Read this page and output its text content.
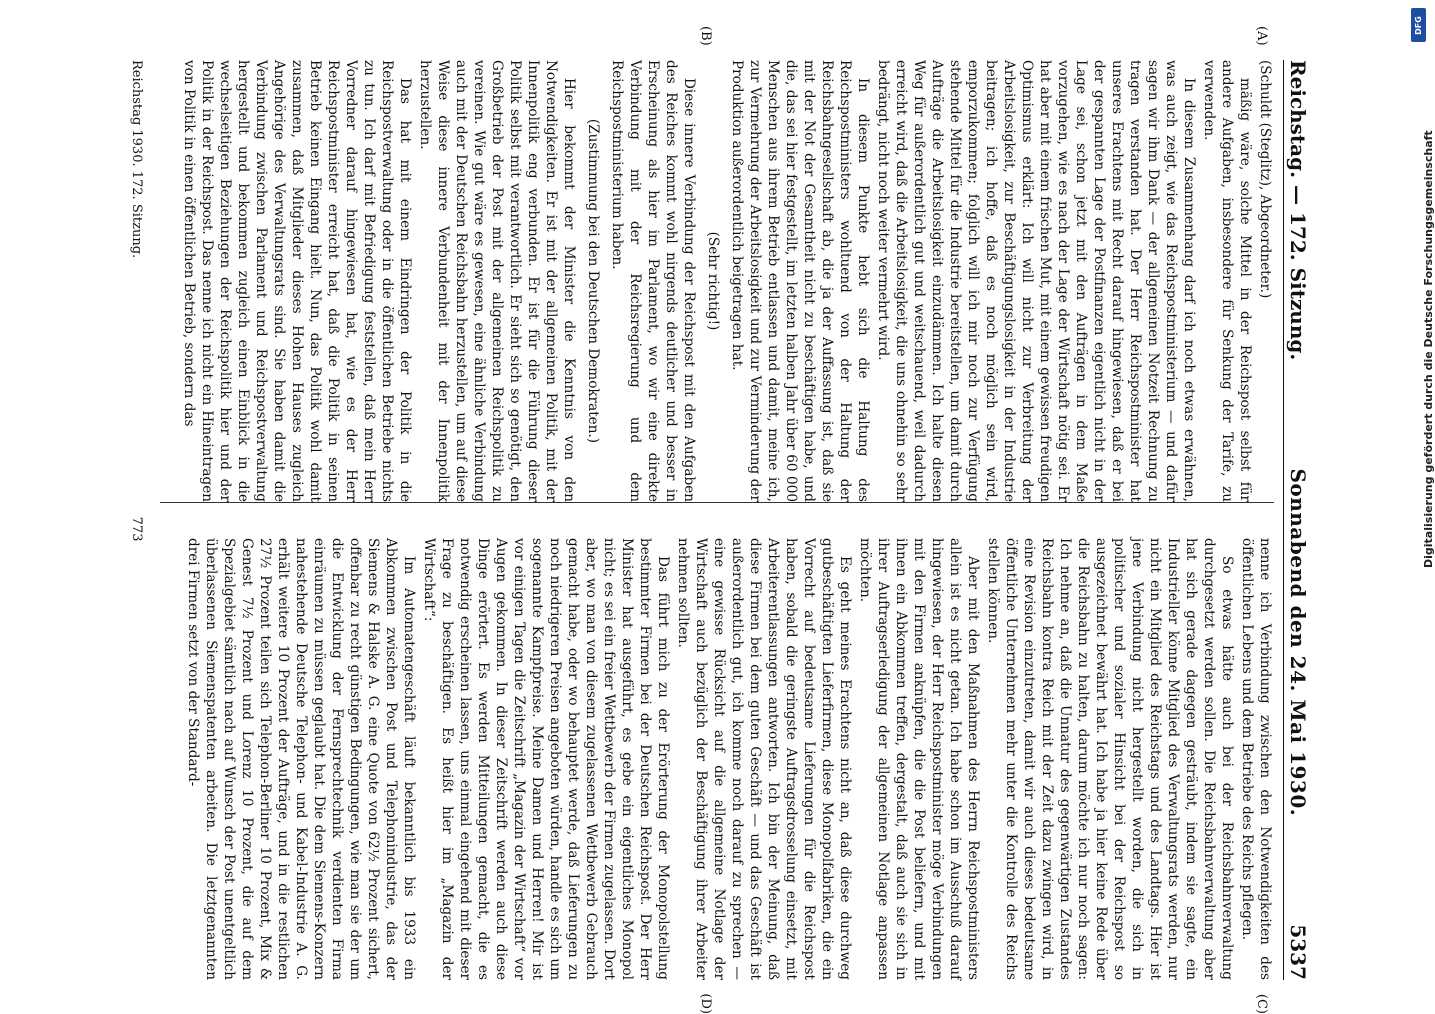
Reichstag. — 172. Sitzung.
Sonnabend den 24. Mai 1930.
5337
(A)
(B)

(Schuldt (Steglitz), Abgeordneter.)

mäßig wäre, solche Mittel in der Reichspost selbst für andere Aufgaben, insbesondere für Senkung der Tarife, zu verwenden.

In diesem Zusammenhang darf ich noch etwas erwähnen, was auch zeigt, wie das Reichspostministerium — und dafür sagen wir ihm Dank — der allgemeinen Notzeit Rechnung zu tragen verstanden hat. Der Herr Reichspostminister hat unseres Erachtens mit Recht darauf hingewiesen, daß er bei der gespannten Lage der Postfinanzen eigentlich nicht in der Lage sei, schon jetzt mit den Aufträgen in dem Maße vorzugehen, wie es nach der Lage der Wirtschaft nötig sei. Er hat aber mit einem frischen Mut, mit einem gewissen freudigen Optimismus erklärt: Ich will nicht zur Verbreitung der Arbeitslosigkeit, zur Beschäftigungslosigkeit in der Industrie beitragen; ich hoffe, daß es noch möglich sein wird, emporzukommen; folglich will ich mir noch zur Verfügung stehende Mittel für die Industrie bereitstellen, um damit durch Aufträge die Arbeitslosigkeit einzudämmen. Ich halte diesen Weg für außerordentlich gut und weitschauend, weil dadurch erreicht wird, daß die Arbeitslosigkeit, die uns ohnehin so sehr bedrängt, nicht noch weiter vermehrt wird.

In diesem Punkte hebt sich die Haltung des Reichspostministers wohltuend von der Haltung der Reichsbahngesellschaft ab, die ja der Auffassung ist, daß sie mit der Not der Gesamtheit nicht zu beschäftigen habe, und die, das sei hier festgestellt, im letzten halben Jahr über 60 000 Menschen aus ihrem Betrieb entlassen und damit, meine ich, zur Vermehrung der Arbeitslosigkeit und zur Verminderung der Produktion außerordentlich beigetragen hat.

(Sehr richtig!)

Diese innere Verbindung der Reichspost mit den Aufgaben des Reiches kommt wohl nirgends deutlicher und besser in Erscheinung als hier im Parlament, wo wir eine direkte Verbindung mit der Reichsregierung und dem Reichspostministerium haben.

(Zustimmung bei den Deutschen Demokraten.)

Hier bekommt der Minister die Kenntnis von den Notwendigkeiten. Er ist mit der allgemeinen Politik, mit der Innenpolitik eng verbunden. Er ist für die Führung dieser Politik selbst mit verantwortlich. Er sieht sich so genötigt, den Großbetrieb der Post mit der allgemeinen Reichspolitik zu vereinen. Wie gut wäre es gewesen, eine ähnliche Verbindung auch mit der Deutschen Reichsbahn herzustellen, um auf diese Weise diese innere Verbundenheit mit der Innenpolitik herzustellen.

Das hat mit einem Eindringen der Politik in die Reichspostverwaltung oder in die öffentlichen Betriebe nichts zu tun. Ich darf mit Befriedigung feststellen, daß mein Herr Vorredner darauf hingewiesen hat, wie es der Herr Reichspostminister erreicht hat, daß die Politik in seinen Betrieb keinen Eingang hielt. Nun, das Politik wohl damit zusammen, daß Mitglieder dieses Hohen Hauses zugleich Angehörige des Verwaltungsrats sind. Sie haben damit die Verbindung zwischen Parlament und Reichspostverwaltung hergestellt und bekommen zugleich einen Einblick in die wechselseitigen Beziehungen der Reichspolitik hier und der Politik in der Reichspost. Das nenne ich nicht ein Hineintragen von Politik in einen öffentlichen Betrieb, sondern das

(C)
(D)

nenne ich Verbindung zwischen den Notwendigkeiten des öffentlichen Lebens und dem Betriebe des Reichs pflegen.

So etwas hätte auch bei der Reichsbahnverwaltung durchgesetzt werden sollen. Die Reichsbahnverwaltung aber hat sich gerade dagegen gesträubt, indem sie sagte, ein Industrieller könne Mitglied des Verwaltungsrats werden, nur nicht ein Mitglied des Reichstags und des Landtags. Hier ist jene Verbindung nicht hergestellt worden, die sich in politischer und sozialer Hinsicht bei der Reichspost so ausgezeichnet bewährt hat. Ich habe ja hier keine Rede über die Reichsbahn zu halten, darum möchte ich nur noch sagen: Ich nehme an, daß die Unnatur des gegenwärtigen Zustandes Reichsbahn kontra Reich mit der Zeit dazu zwingen wird, in eine Revision einzutreten, damit wir auch dieses bedeutsame öffentliche Unternehmen mehr unter die Kontrolle des Reichs stellen können.

Aber mit den Maßnahmen des Herrn Reichspostministers allein ist es nicht getan. Ich habe schon im Ausschuß darauf hingewiesen, der Herr Reichspostminister möge Verbindungen mit den Firmen anknüpfen, die die Post beliefern, und mit ihnen ein Abkommen treffen, dergestalt, daß auch sie sich in ihrer Auftragserledigung der allgemeinen Notlage anpassen möchten.

Es geht meines Erachtens nicht an, daß diese durchweg gutbeschäftigten Lieferfirmen, diese Monopolfabriken, die ein Vorrecht auf bedeutsame Lieferungen für die Reichspost haben, sobald die geringste Auftragsdrosselung einsetzt, mit Arbeiterentlassungen antworten. Ich bin der Meinung, daß diese Firmen bei dem guten Geschäft — und das Geschäft ist außerordentlich gut, ich komme noch darauf zu sprechen — eine gewisse Rücksicht auf die allgemeine Notlage der Wirtschaft auch bezüglich der Beschäftigung ihrer Arbeiter nehmen sollten.

Das führt mich zu der Erörterung der Monopolstellung bestimmter Firmen bei der Deutschen Reichspost. Der Herr Minister hat ausgeführt, es gebe ein eigentliches Monopol nicht; es sei ein freier Wettbewerb der Firmen zugelassen. Dort aber, wo man von diesem zugelassenen Wettbewerb Gebrauch gemacht habe, oder wo behauptet werde, daß Lieferungen zu noch niedrigeren Preisen angeboten würden, handle es sich um sogenannte Kampfpreise. Meine Damen und Herren! Mir ist vor einigen Tagen die Zeitschrift „Magazin der Wirtschaft“ vor Augen gekommen. In dieser Zeitschrift werden auch diese Dinge erörtert. Es werden Mitteilungen gemacht, die es notwendig erscheinen lassen, uns einmal eingehend mit dieser Frage zu beschäftigen. Es heißt hier im „Magazin der Wirtschaft“:

Im Automatengeschäft läuft bekanntlich bis 1933 ein Abkommen zwischen Post und Telephonindustrie, das der Siemens & Halske A. G. eine Quote von 62½ Prozent sichert, offenbar zu recht günstigen Bedingungen, wie man sie der um die Entwicklung der Fernsprechtechnik verdienten Firma einräumen zu müssen geglaubt hat. Die dem Siemens-Konzern nahestehende Deutsche Telephon- und Kabel-Industrie A. G. erhält weitere 10 Prozent der Aufträge, und in die restlichen 27½ Prozent teilen sich Telephon-Berliner 10 Prozent, Mix & Genest 7½ Prozent und Lorenz 10 Prozent, die auf dem Spezialgebiet sämtlich nach auf Wunsch der Post unentgeltlich überlassenen Siemenspatenten arbeiten. Die letztgenannten drei Firmen setzt von der Standard-

Reichstag 1930. 172. Sitzung.
773	Digitalisierung gefördert durch die Deutsche Forschungsgemeinschaft
DFG
